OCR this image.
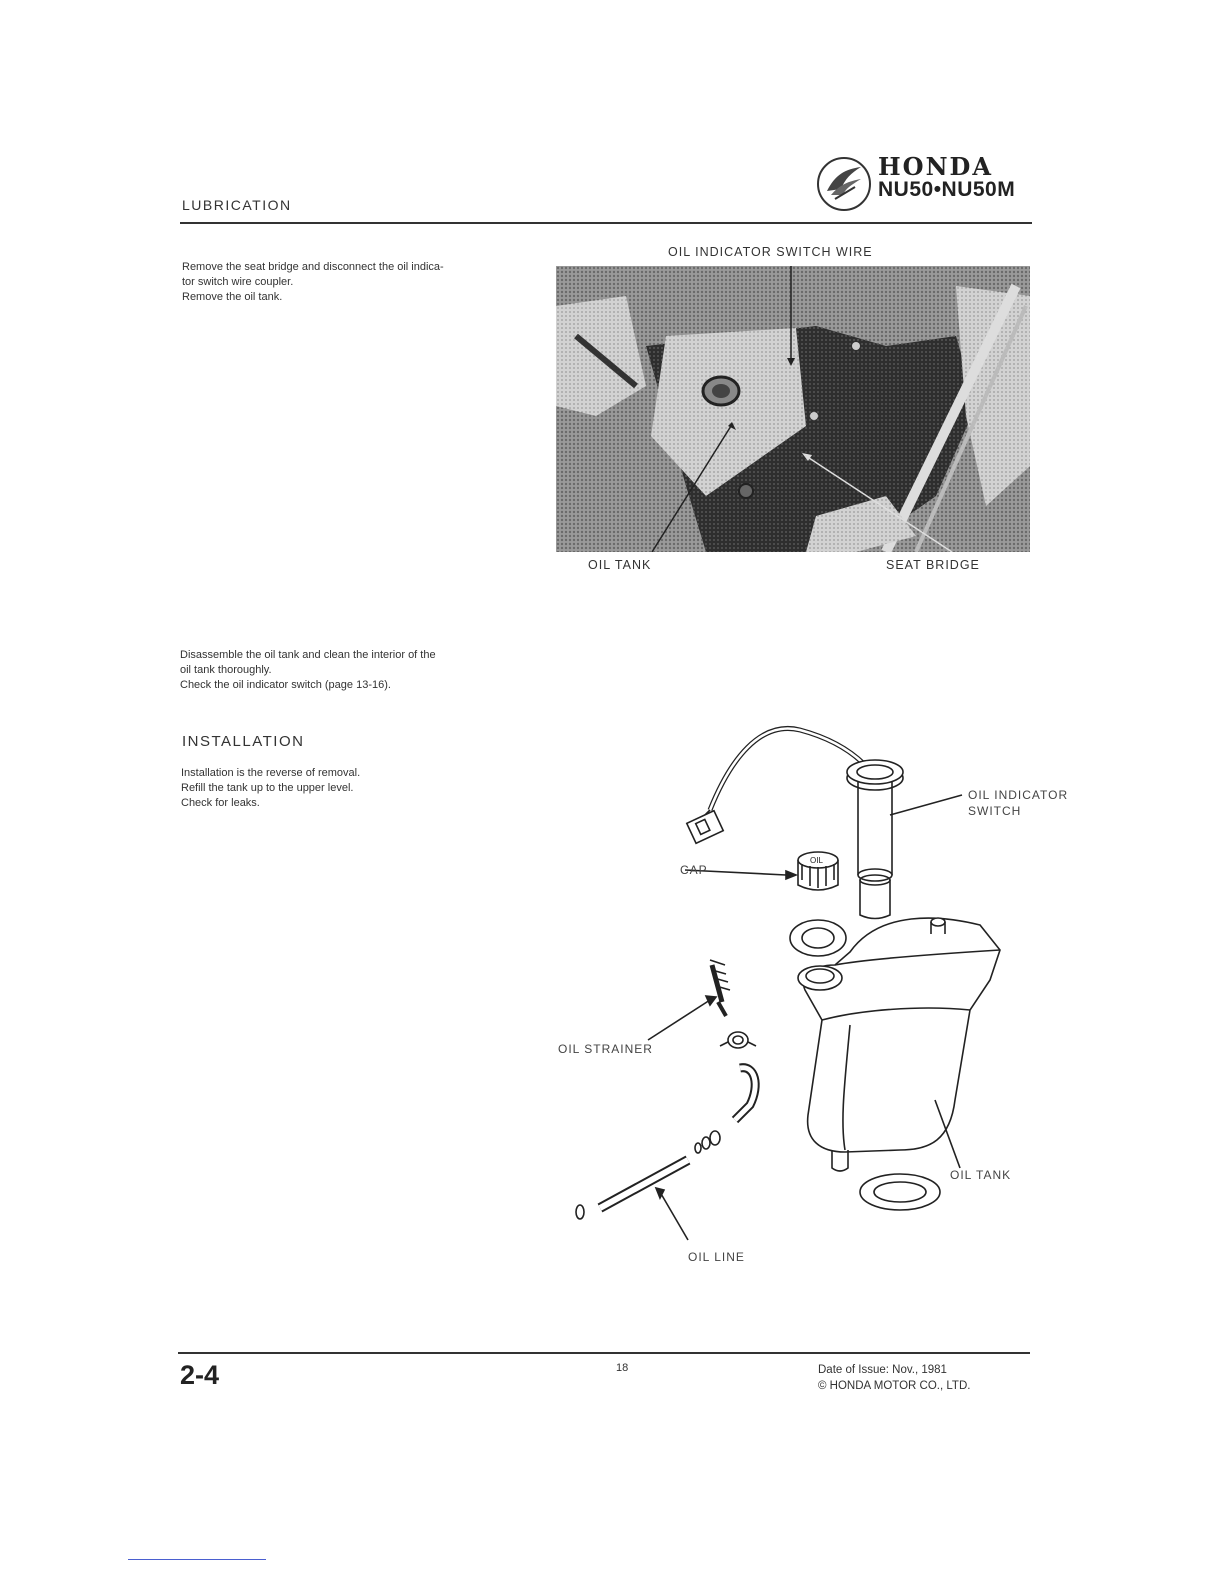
LUBRICATION
HONDA
NU50•NU50M

Remove the seat bridge and disconnect the oil indica-

tor switch wire coupler.

Remove the oil tank.

OIL INDICATOR SWITCH WIRE
OIL TANK	SEAT BRIDGE

Disassemble the oil tank and clean the interior of the

oil tank thoroughly.

Check the oil indicator switch (page 13-16).

INSTALLATION

Installation is the reverse of removal.

Refill the tank up to the upper level.

Check for leaks.

OIL
OIL INDICATOR
SWITCH
CAP
OIL STRAINER
OIL TANK
OIL LINE
2-4	18	Date of Issue: Nov., 1981
© HONDA MOTOR CO., LTD.
